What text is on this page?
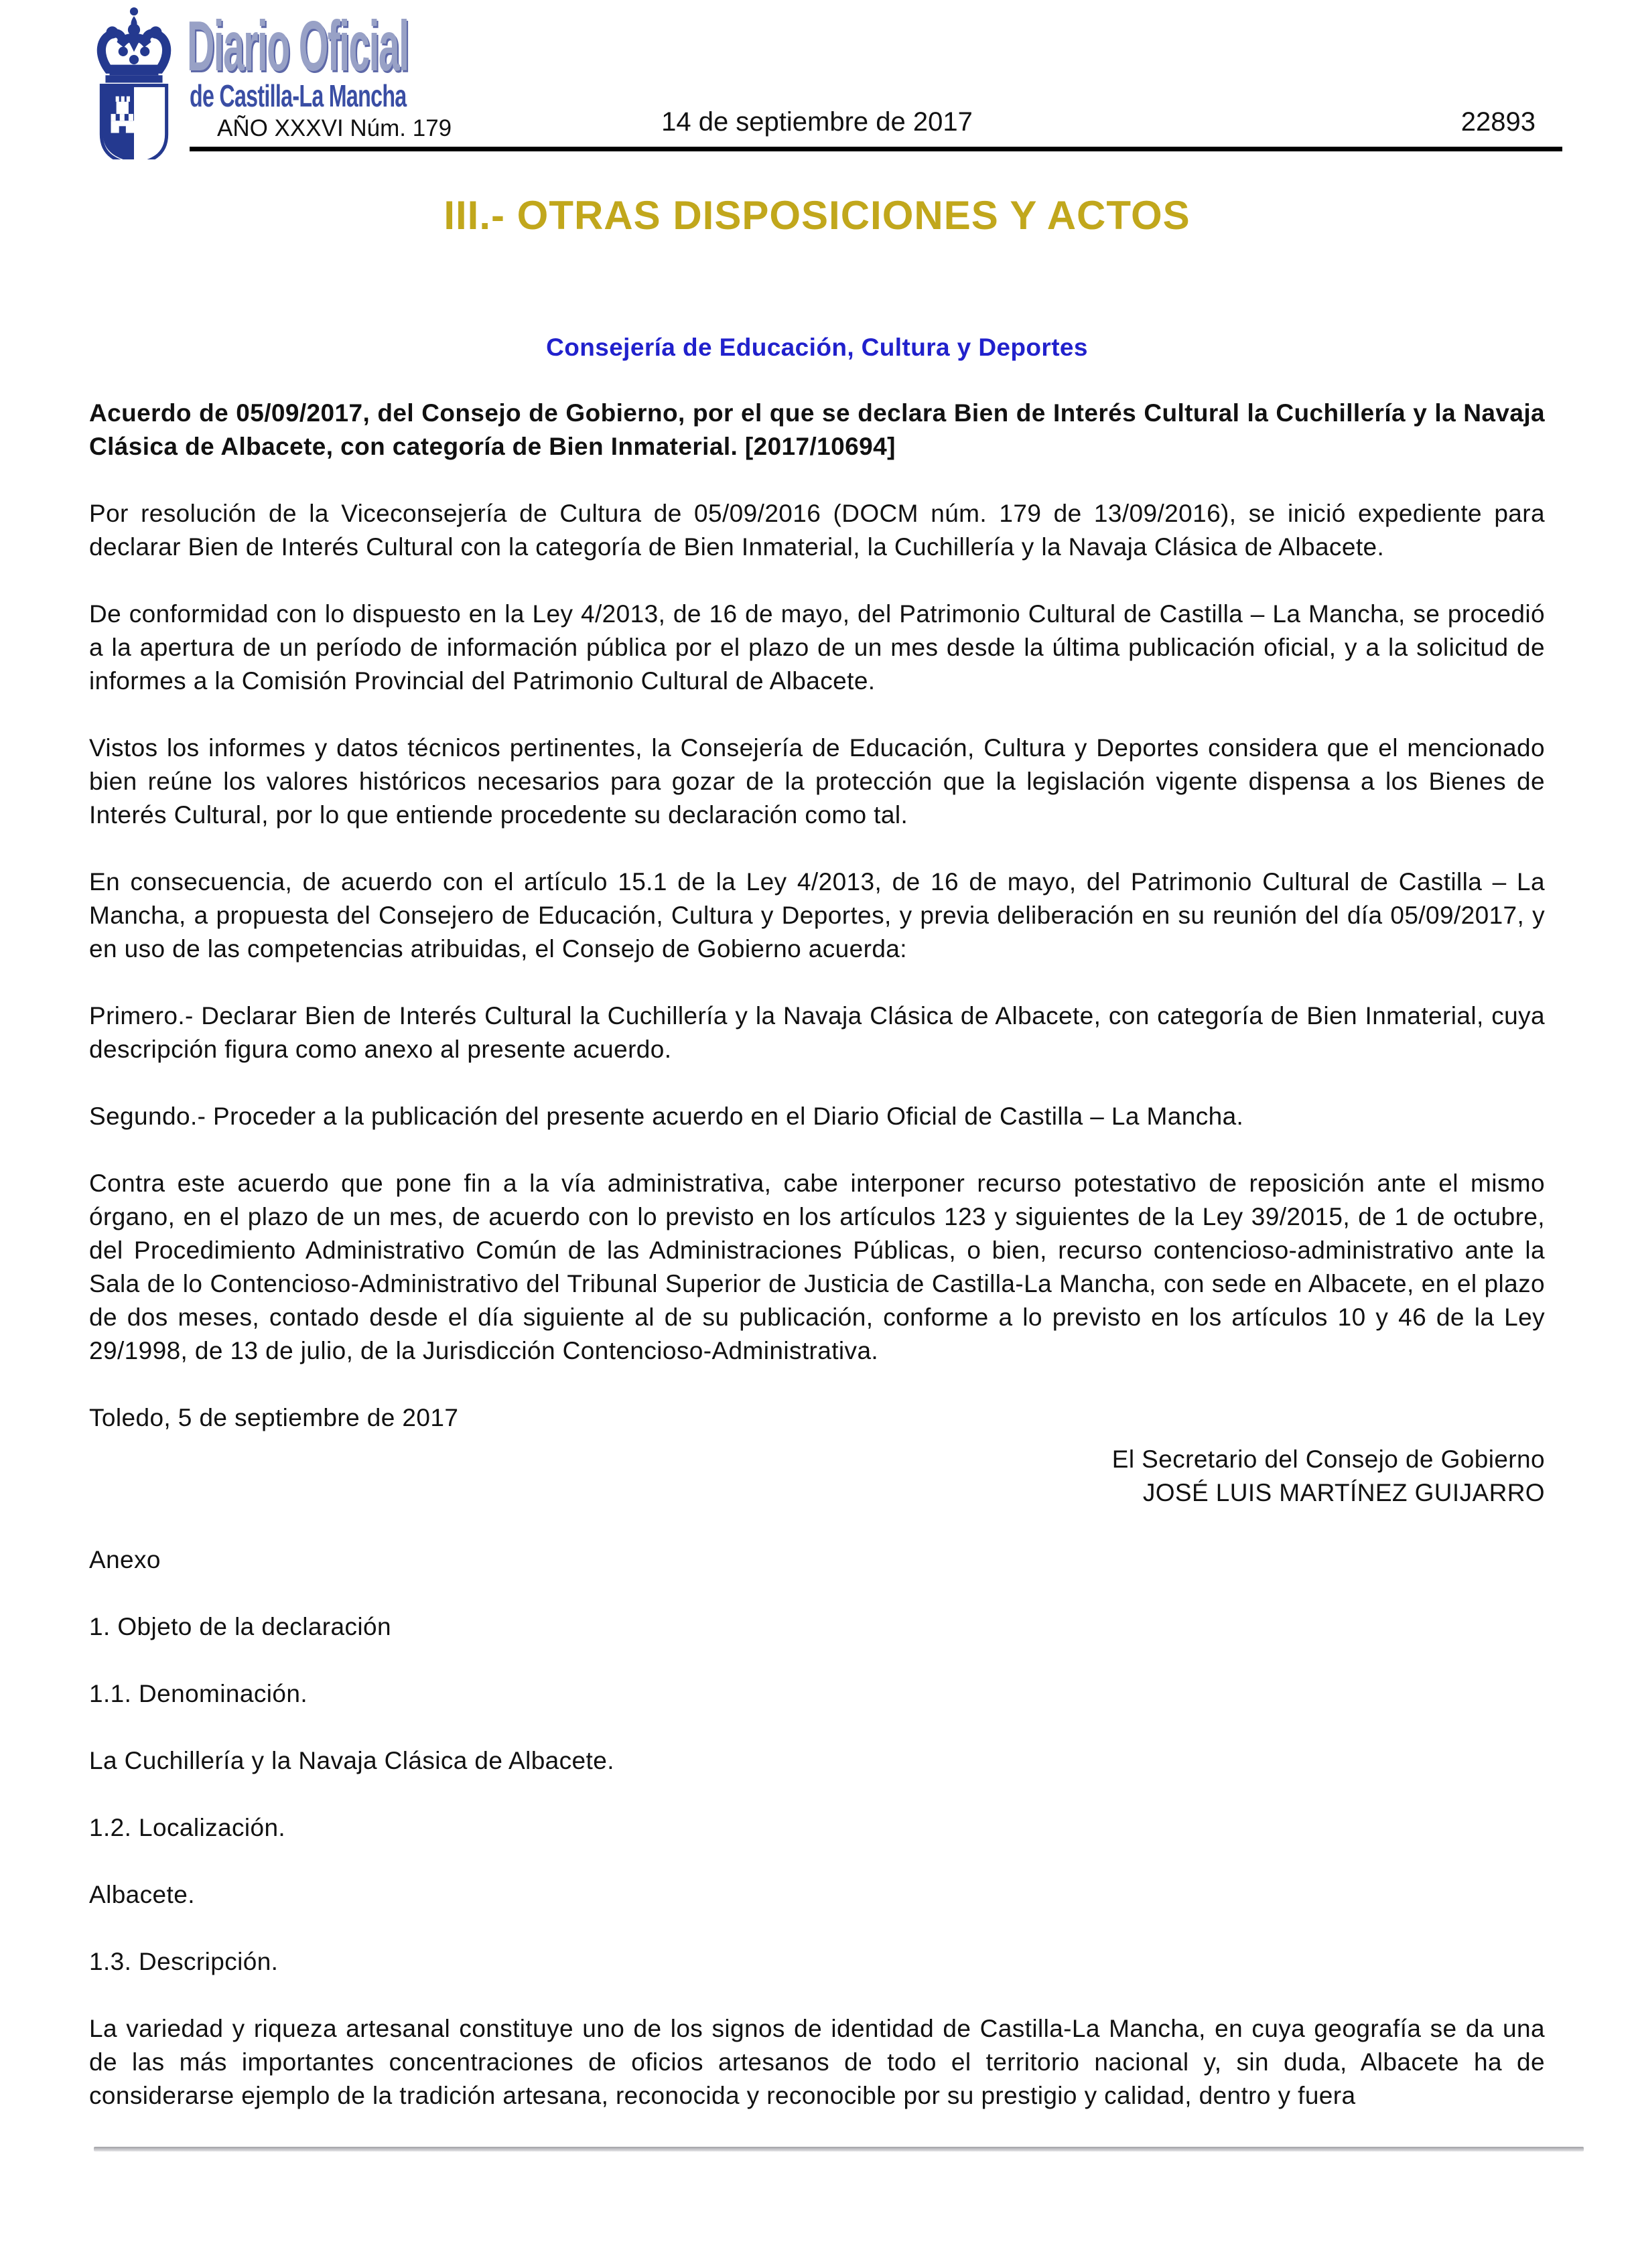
Diario Oficial
de Castilla-La Mancha
AÑO XXXVI Núm. 179	14 de septiembre de 2017	22893
III.- OTRAS DISPOSICIONES Y ACTOS
Consejería de Educación, Cultura y Deportes

Acuerdo de 05/09/2017, del Consejo de Gobierno, por el que se declara Bien de Interés Cultural la Cuchillería y la Navaja Clásica de Albacete, con categoría de Bien Inmaterial. [2017/10694]

Por resolución de la Viceconsejería de Cultura de 05/09/2016 (DOCM núm. 179 de 13/09/2016), se inició expediente para declarar Bien de Interés Cultural con la categoría de Bien Inmaterial, la Cuchillería y la Navaja Clásica de Albacete.

De conformidad con lo dispuesto en la Ley 4/2013, de 16 de mayo, del Patrimonio Cultural de Castilla – La Mancha, se procedió a la apertura de un período de información pública por el plazo de un mes desde la última publicación oficial, y a la solicitud de informes a la Comisión Provincial del Patrimonio Cultural de Albacete.

Vistos los informes y datos técnicos pertinentes, la Consejería de Educación, Cultura y Deportes considera que el mencionado bien reúne los valores históricos necesarios para gozar de la protección que la legislación vigente dispensa a los Bienes de Interés Cultural, por lo que entiende procedente su declaración como tal.

En consecuencia, de acuerdo con el artículo 15.1 de la Ley 4/2013, de 16 de mayo, del Patrimonio Cultural de Castilla – La Mancha, a propuesta del Consejero de Educación, Cultura y Deportes, y previa deliberación en su reunión del día 05/09/2017, y en uso de las competencias atribuidas, el Consejo de Gobierno acuerda:

Primero.- Declarar Bien de Interés Cultural la Cuchillería y la Navaja Clásica de Albacete, con categoría de Bien Inmaterial, cuya descripción figura como anexo al presente acuerdo.

Segundo.- Proceder a la publicación del presente acuerdo en el Diario Oficial de Castilla – La Mancha.

Contra este acuerdo que pone fin a la vía administrativa, cabe interponer recurso potestativo de reposición ante el mismo órgano, en el plazo de un mes, de acuerdo con lo previsto en los artículos 123 y siguientes de la Ley 39/2015, de 1 de octubre, del Procedimiento Administrativo Común de las Administraciones Públicas, o bien, recurso contencioso-administrativo ante la Sala de lo Contencioso-Administrativo del Tribunal Superior de Justicia de Castilla-La Mancha, con sede en Albacete, en el plazo de dos meses, contado desde el día siguiente al de su publicación, conforme a lo previsto en los artículos 10 y 46 de la Ley 29/1998, de 13 de julio, de la Jurisdicción Contencioso-Administrativa.

Toledo, 5 de septiembre de 2017

El Secretario del Consejo de Gobierno
JOSÉ LUIS MARTÍNEZ GUIJARRO

Anexo

1. Objeto de la declaración

1.1. Denominación.

La Cuchillería y la Navaja Clásica de Albacete.

1.2. Localización.

Albacete.

1.3. Descripción.

La variedad y riqueza artesanal constituye uno de los signos de identidad de Castilla-La Mancha, en cuya geografía se da una de las más importantes concentraciones de oficios artesanos de todo el territorio nacional y, sin duda, Albacete ha de considerarse ejemplo de la tradición artesana, reconocida y reconocible por su prestigio y calidad, dentro y fuera
